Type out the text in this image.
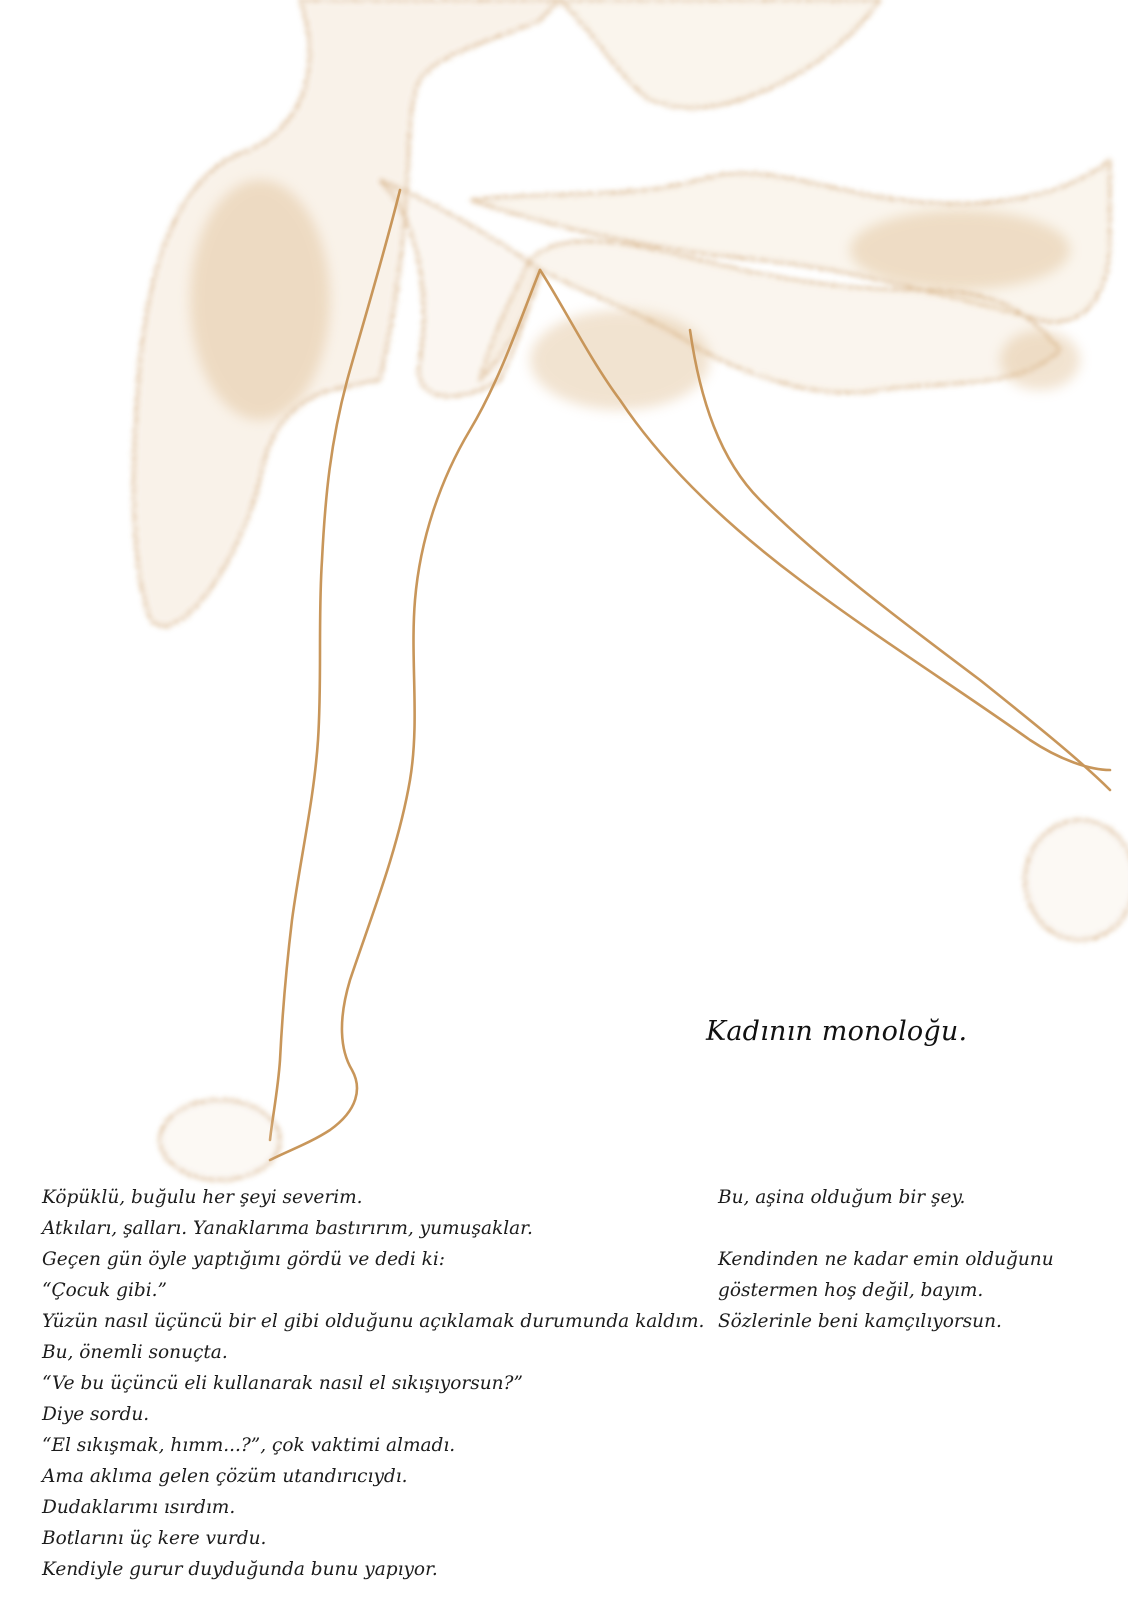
Kadının monoloğu.
Köpüklü, buğulu her şeyi severim.
Atkıları, şalları. Yanaklarıma bastırırım, yumuşaklar.
Geçen gün öyle yaptığımı gördü ve dedi ki:
“Çocuk gibi.”
Yüzün nasıl üçüncü bir el gibi olduğunu açıklamak durumunda kaldım.
Bu, önemli sonuçta.
“Ve bu üçüncü eli kullanarak nasıl el sıkışıyorsun?”
Diye sordu.
“El sıkışmak, hımm...?”, çok vaktimi almadı.
Ama aklıma gelen çözüm utandırıcıydı.
Dudaklarımı ısırdım.
Botlarını üç kere vurdu.
Kendiyle gurur duyduğunda bunu yapıyor.
Bu, aşina olduğum bir şey.
Kendinden ne kadar emin olduğunu
göstermen hoş değil, bayım.
Sözlerinle beni kamçılıyorsun.
